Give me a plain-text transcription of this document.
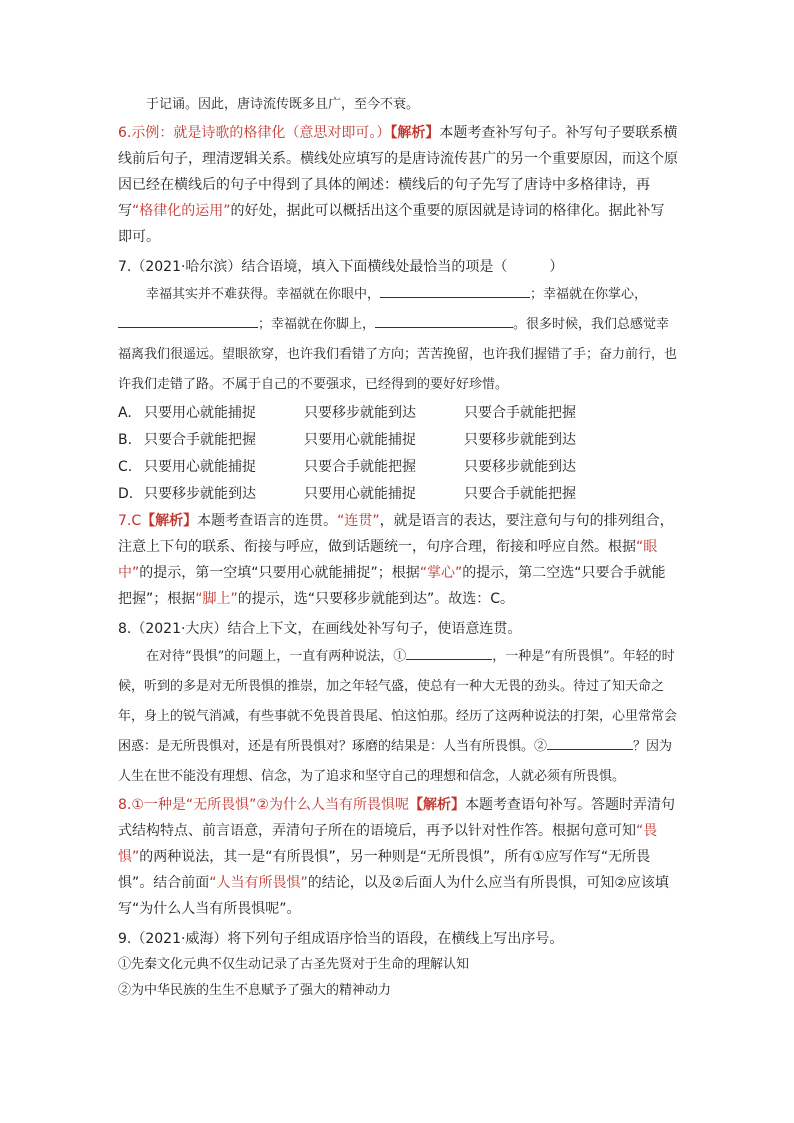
于记诵。因此，唐诗流传既多且广，至今不衰。

6.示例：就是诗歌的格律化（意思对即可。）【解析】本题考查补写句子。补写句子要联系横线前后句子，理清逻辑关系。横线处应填写的是唐诗流传甚广的另一个重要原因，而这个原因已经在横线后的句子中得到了具体的阐述：横线后的句子先写了唐诗中多格律诗，再写“格律化的运用”的好处，据此可以概括出这个重要的原因就是诗词的格律化。据此补写即可。

7.（2021·哈尔滨）结合语境，填入下面横线处最恰当的项是（　　　）

幸福其实并不难获得。幸福就在你眼中，	；幸福就在你掌心，；幸福就在你脚上，	。很多时候，我们总感觉幸福离我们很遥远。望眼欲穿，也许我们看错了方向；苦苦挽留，也许我们握错了手；奋力前行，也许我们走错了路。不属于自己的不要强求，已经得到的要好好珍惜。

A. 只要用心就能捕捉	只要移步就能到达	只要合手就能把握
B. 只要合手就能把握	只要用心就能捕捉	只要移步就能到达
C. 只要用心就能捕捉	只要合手就能把握	只要移步就能到达
D. 只要移步就能到达	只要用心就能捕捉	只要合手就能把握

7.C【解析】本题考查语言的连贯。“连贯”，就是语言的表达，要注意句与句的排列组合，注意上下句的联系、衔接与呼应，做到话题统一，句序合理，衔接和呼应自然。根据“眼中”的提示，第一空填“只要用心就能捕捉”；根据“掌心”的提示，第二空选“只要合手就能把握”；根据“脚上”的提示，选“只要移步就能到达”。故选：C。

8.（2021·大庆）结合上下文，在画线处补写句子，使语意连贯。

在对待“畏惧”的问题上，一直有两种说法，①	，一种是“有所畏惧”。年轻的时候，听到的多是对无所畏惧的推崇，加之年轻气盛，使总有一种大无畏的劲头。待过了知天命之年，身上的锐气消减，有些事就不免畏首畏尾、怕这怕那。经历了这两种说法的打架，心里常常会困惑：是无所畏惧对，还是有所畏惧对？琢磨的结果是：人当有所畏惧。②	？因为人生在世不能没有理想、信念，为了追求和坚守自己的理想和信念，人就必须有所畏惧。

8.①一种是“无所畏惧”②为什么人当有所畏惧呢【解析】本题考查语句补写。答题时弄清句式结构特点、前言语意，弄清句子所在的语境后，再予以针对性作答。根据句意可知“畏惧”的两种说法，其一是“有所畏惧”，另一种则是“无所畏惧”，所有①应写作写“无所畏惧”。结合前面“人当有所畏惧”的结论，以及②后面人为什么应当有所畏惧，可知②应该填写“为什么人当有所畏惧呢”。

9.（2021·威海）将下列句子组成语序恰当的语段，在横线上写出序号。

①先秦文化元典不仅生动记录了古圣先贤对于生命的理解认知

②为中华民族的生生不息赋予了强大的精神动力
